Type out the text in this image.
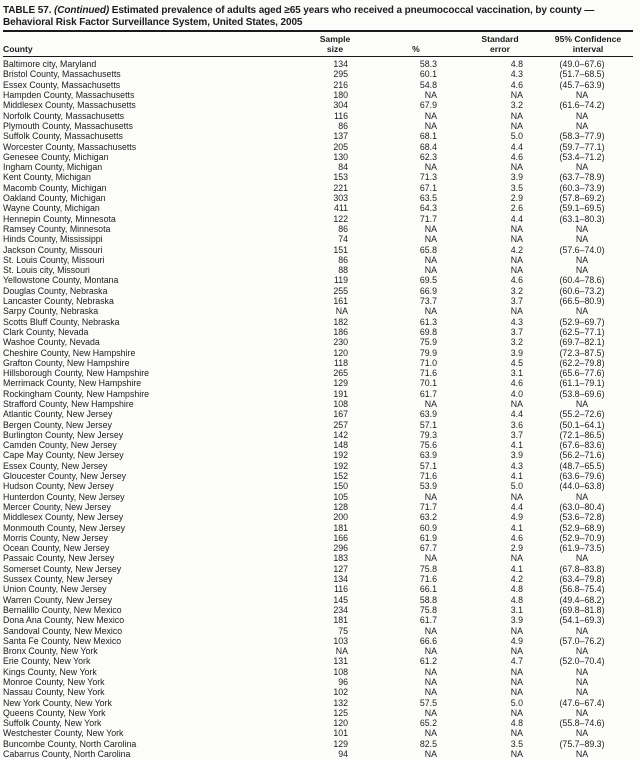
TABLE 57. (Continued) Estimated prevalence of adults aged ≥65 years who received a pneumococcal vaccination, by county —
Behavioral Risk Factor Surveillance System, United States, 2005
County	Sample
size	%	Standard
error	95% Confidence
interval

Baltimore city, Maryland	134	58.3	4.8	(49.0–67.6)
Bristol County, Massachusetts	295	60.1	4.3	(51.7–68.5)
Essex County, Massachusetts	216	54.8	4.6	(45.7–63.9)
Hampden County, Massachusetts	180	NA	NA	NA
Middlesex County, Massachusetts	304	67.9	3.2	(61.6–74.2)
Norfolk County, Massachusetts	116	NA	NA	NA
Plymouth County, Massachusetts	86	NA	NA	NA
Suffolk County, Massachusetts	137	68.1	5.0	(58.3–77.9)
Worcester County, Massachusetts	205	68.4	4.4	(59.7–77.1)
Genesee County, Michigan	130	62.3	4.6	(53.4–71.2)
Ingham County, Michigan	84	NA	NA	NA
Kent County, Michigan	153	71.3	3.9	(63.7–78.9)
Macomb County, Michigan	221	67.1	3.5	(60.3–73.9)
Oakland County, Michigan	303	63.5	2.9	(57.8–69.2)
Wayne County, Michigan	411	64.3	2.6	(59.1–69.5)
Hennepin County, Minnesota	122	71.7	4.4	(63.1–80.3)
Ramsey County, Minnesota	86	NA	NA	NA
Hinds County, Mississippi	74	NA	NA	NA
Jackson County, Missouri	151	65.8	4.2	(57.6–74.0)
St. Louis County, Missouri	86	NA	NA	NA
St. Louis city, Missouri	88	NA	NA	NA
Yellowstone County, Montana	119	69.5	4.6	(60.4–78.6)
Douglas County, Nebraska	255	66.9	3.2	(60.6–73.2)
Lancaster County, Nebraska	161	73.7	3.7	(66.5–80.9)
Sarpy County, Nebraska	NA	NA	NA	NA
Scotts Bluff County, Nebraska	182	61.3	4.3	(52.9–69.7)
Clark County, Nevada	186	69.8	3.7	(62.5–77.1)
Washoe County, Nevada	230	75.9	3.2	(69.7–82.1)
Cheshire County, New Hampshire	120	79.9	3.9	(72.3–87.5)
Grafton County, New Hampshire	118	71.0	4.5	(62.2–79.8)
Hillsborough County, New Hampshire	265	71.6	3.1	(65.6–77.6)
Merrimack County, New Hampshire	129	70.1	4.6	(61.1–79.1)
Rockingham County, New Hampshire	191	61.7	4.0	(53.8–69.6)
Strafford County, New Hampshire	108	NA	NA	NA
Atlantic County, New Jersey	167	63.9	4.4	(55.2–72.6)
Bergen County, New Jersey	257	57.1	3.6	(50.1–64.1)
Burlington County, New Jersey	142	79.3	3.7	(72.1–86.5)
Camden County, New Jersey	148	75.6	4.1	(67.6–83.6)
Cape May County, New Jersey	192	63.9	3.9	(56.2–71.6)
Essex County, New Jersey	192	57.1	4.3	(48.7–65.5)
Gloucester County, New Jersey	152	71.6	4.1	(63.6–79.6)
Hudson County, New Jersey	150	53.9	5.0	(44.0–63.8)
Hunterdon County, New Jersey	105	NA	NA	NA
Mercer County, New Jersey	128	71.7	4.4	(63.0–80.4)
Middlesex County, New Jersey	200	63.2	4.9	(53.6–72.8)
Monmouth County, New Jersey	181	60.9	4.1	(52.9–68.9)
Morris County, New Jersey	166	61.9	4.6	(52.9–70.9)
Ocean County, New Jersey	296	67.7	2.9	(61.9–73.5)
Passaic County, New Jersey	183	NA	NA	NA
Somerset County, New Jersey	127	75.8	4.1	(67.8–83.8)
Sussex County, New Jersey	134	71.6	4.2	(63.4–79.8)
Union County, New Jersey	116	66.1	4.8	(56.8–75.4)
Warren County, New Jersey	145	58.8	4.8	(49.4–68.2)
Bernalillo County, New Mexico	234	75.8	3.1	(69.8–81.8)
Dona Ana County, New Mexico	181	61.7	3.9	(54.1–69.3)
Sandoval County, New Mexico	75	NA	NA	NA
Santa Fe County, New Mexico	103	66.6	4.9	(57.0–76.2)
Bronx County, New York	NA	NA	NA	NA
Erie County, New York	131	61.2	4.7	(52.0–70.4)
Kings County, New York	108	NA	NA	NA
Monroe County, New York	96	NA	NA	NA
Nassau County, New York	102	NA	NA	NA
New York County, New York	132	57.5	5.0	(47.6–67.4)
Queens County, New York	125	NA	NA	NA
Suffolk County, New York	120	65.2	4.8	(55.8–74.6)
Westchester County, New York	101	NA	NA	NA
Buncombe County, North Carolina	129	82.5	3.5	(75.7–89.3)
Cabarrus County, North Carolina	94	NA	NA	NA
